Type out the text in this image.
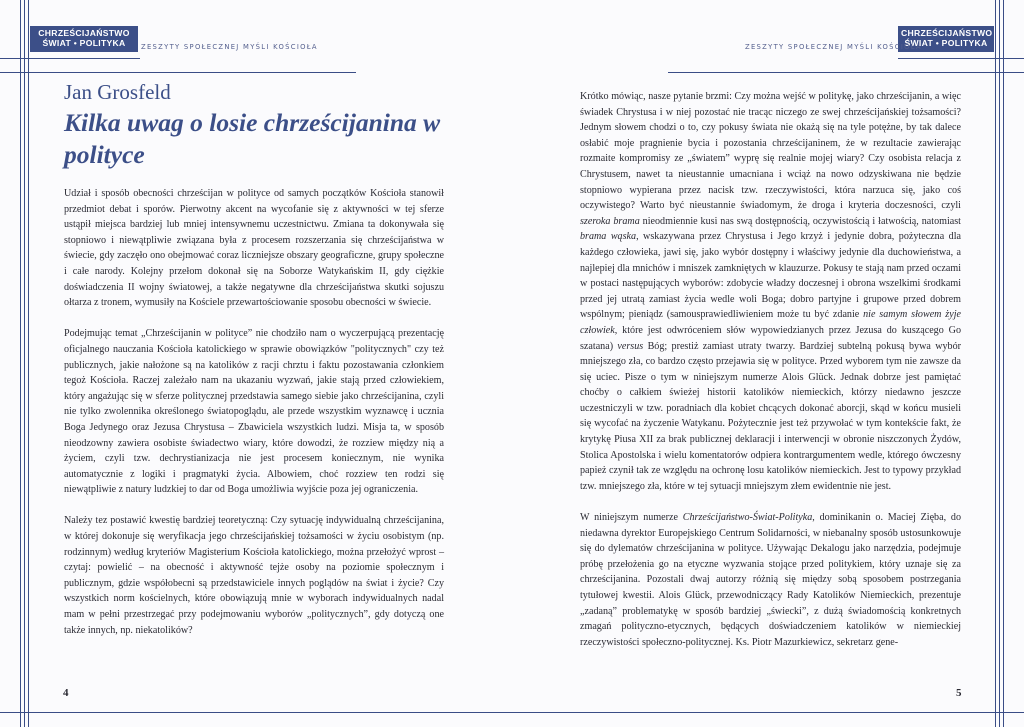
CHRZEŚCIJAŃSTWO
ŚWIAT • POLITYKA	ZESZYTY SPOŁECZNEJ MYŚLI KOŚCIOŁA
Jan Grosfeld
Kilka uwag o losie chrześcijanina w polityce

Udział i sposób obecności chrześcijan w polityce od samych początków Kościoła stanowił przedmiot debat i sporów. Pierwotny akcent na wycofanie się z aktywności w tej sferze ustąpił miejsca bardziej lub mniej intensywnemu uczestnictwu. Zmiana ta dokonywała się stopniowo i niewątpliwie związana była z procesem rozszerzania się chrześcijaństwa w świecie, gdy zaczęło ono obejmować coraz liczniejsze obszary geograficzne, grupy społeczne i całe narody. Kolejny przełom dokonał się na Soborze Watykańskim II, gdy ciężkie doświadczenia II wojny światowej, a także negatywne dla chrześcijaństwa skutki sojuszu ołtarza z tronem, wymusiły na Kościele przewartościowanie sposobu obecności w świecie.

Podejmując temat „Chrześcijanin w polityce” nie chodziło nam o wyczerpującą prezentację oficjalnego nauczania Kościoła katolickiego w sprawie obowiązków "politycznych" czy też publicznych, jakie nałożone są na katolików z racji chrztu i faktu pozostawania członkiem tegoż Kościoła. Raczej zależało nam na ukazaniu wyzwań, jakie stają przed człowiekiem, który angażując się w sferze politycznej przedstawia samego siebie jako chrześcijanina, czyli nie tylko zwolennika określonego światopoglądu, ale przede wszystkim wyznawcę i ucznia Boga Jedynego oraz Jezusa Chrystusa – Zbawiciela wszystkich ludzi. Misja ta, w sposób nieodzowny zawiera osobiste świadectwo wiary, które dowodzi, że rozziew między nią a życiem, czyli tzw. dechrystianizacja nie jest procesem koniecznym, nie wynika automatycznie z logiki i pragmatyki życia. Albowiem, choć rozziew ten rodzi się niewątpliwie z natury ludzkiej to dar od Boga umożliwia wyjście poza jej ograniczenia.

Należy tez postawić kwestię bardziej teoretyczną: Czy sytuację indywidualną chrześcijanina, w której dokonuje się weryfikacja jego chrześcijańskiej tożsamości w życiu osobistym (np. rodzinnym) według kryteriów Magisterium Kościoła katolickiego, można przełożyć wprost – czytaj: powielić – na obecność i aktywność tejże osoby na poziomie społecznym i publicznym, gdzie współobecni są przedstawiciele innych poglądów na świat i życie? Czy wszystkich norm kościelnych, które obowiązują mnie w wyborach indywidualnych nadal mam w pełni przestrzegać przy podejmowaniu wyborów „politycznych”, gdy dotyczą one także innych, np. niekatolików?

4
CHRZEŚCIJAŃSTWO
ŚWIAT • POLITYKA
ZESZYTY SPOŁECZNEJ MYŚLI KOŚCIOŁA

Krótko mówiąc, nasze pytanie brzmi: Czy można wejść w politykę, jako chrześcijanin, a więc świadek Chrystusa i w niej pozostać nie tracąc niczego ze swej chrześcijańskiej tożsamości? Jednym słowem chodzi o to, czy pokusy świata nie okażą się na tyle potężne, by tak dalece osłabić moje pragnienie bycia i pozostania chrześcijaninem, że w rezultacie zawierając rozmaite kompromisy ze „światem” wyprę się realnie mojej wiary? Czy osobista relacja z Chrystusem, nawet ta nieustannie umacniana i wciąż na nowo odzyskiwana nie będzie stopniowo wypierana przez nacisk tzw. rzeczywistości, która narzuca się, jako coś oczywistego? Warto być nieustannie świadomym, że droga i kryteria doczesności, czyli szeroka brama nieodmiennie kusi nas swą dostępnością, oczywistością i łatwością, natomiast brama wąska, wskazywana przez Chrystusa i Jego krzyż i jedynie dobra, pożyteczna dla każdego człowieka, jawi się, jako wybór dostępny i właściwy jedynie dla duchowieństwa, a najlepiej dla mnichów i mniszek zamkniętych w klauzurze. Pokusy te stają nam przed oczami w postaci następujących wyborów: zdobycie władzy doczesnej i obrona wszelkimi środkami przed jej utratą zamiast życia wedle woli Boga; dobro partyjne i grupowe przed dobrem wspólnym; pieniądz (samousprawiedliwieniem może tu być zdanie nie samym słowem żyje człowiek, które jest odwróceniem słów wypowiedzianych przez Jezusa do kuszącego Go szatana) versus Bóg; prestiż zamiast utraty twarzy. Bardziej subtelną pokusą bywa wybór mniejszego zła, co bardzo często przejawia się w polityce. Przed wyborem tym nie zawsze da się uciec. Pisze o tym w niniejszym numerze Alois Glück. Jednak dobrze jest pamiętać choćby o całkiem świeżej historii katolików niemieckich, którzy niedawno jeszcze uczestniczyli w tzw. poradniach dla kobiet chcących dokonać aborcji, skąd w końcu musieli się wycofać na życzenie Watykanu. Pożytecznie jest też przywołać w tym kontekście fakt, że krytykę Piusa XII za brak publicznej deklaracji i interwencji w obronie niszczonych Żydów, Stolica Apostolska i wielu komentatorów odpiera kontrargumentem wedle, którego ówczesny papież czynił tak ze względu na ochronę losu katolików niemieckich. Jest to typowy przykład tzw. mniejszego zła, które w tej sytuacji mniejszym złem ewidentnie nie jest.

W niniejszym numerze Chrześcijaństwo-Świat-Polityka, dominikanin o. Maciej Zięba, do niedawna dyrektor Europejskiego Centrum Solidarności, w niebanalny sposób ustosunkowuje się do dylematów chrześcijanina w polityce. Używając Dekalogu jako narzędzia, podejmuje próbę przełożenia go na etyczne wyzwania stojące przed politykiem, który uznaje się za chrześcijanina. Pozostali dwaj autorzy różnią się między sobą sposobem postrzegania tytułowej kwestii. Alois Glück, przewodniczący Rady Katolików Niemieckich, prezentuje „zadaną” problematykę w sposób bardziej „świecki”, z dużą świadomością konkretnych zmagań polityczno-etycznych, będących doświadczeniem katolików w niemieckiej rzeczywistości społeczno-politycznej. Ks. Piotr Mazurkiewicz, sekretarz gene-

5
